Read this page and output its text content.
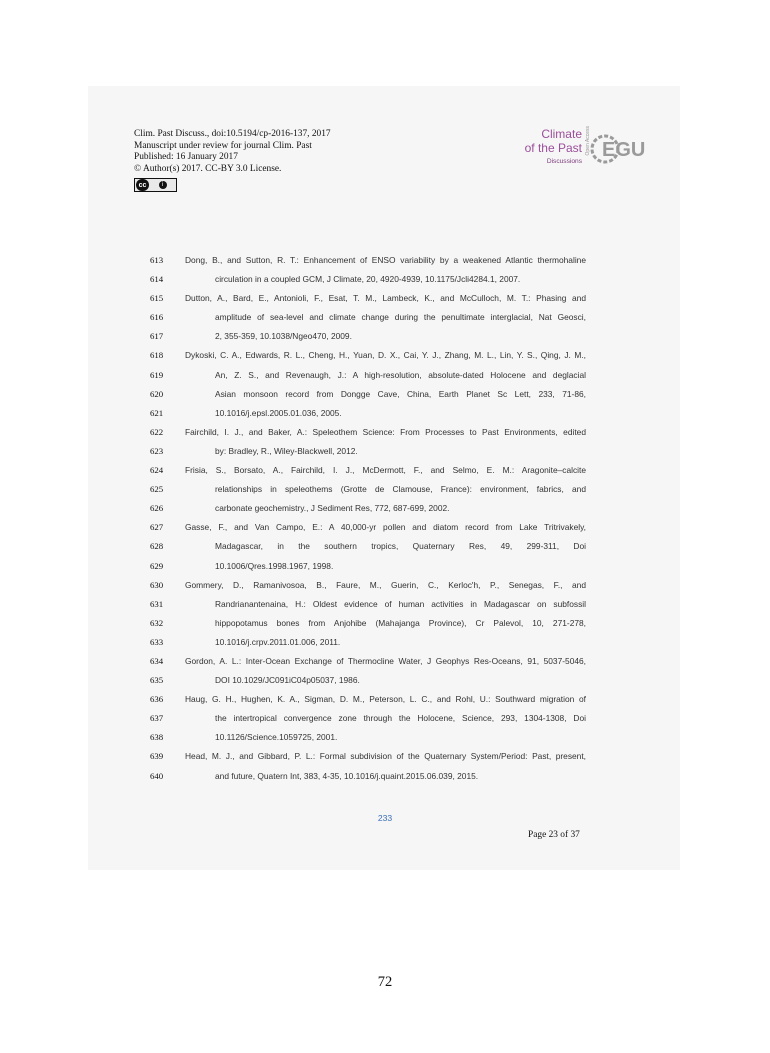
Clim. Past Discuss., doi:10.5194/cp-2016-137, 2017
Manuscript under review for journal Clim. Past
Published: 16 January 2017
© Author(s) 2017. CC-BY 3.0 License.
cc	i
Climate
of the Past
Discussions
Open Access EGU
613	Dong, B., and Sutton, R. T.: Enhancement of ENSO variability by a weakened Atlantic thermohaline
614	circulation in a coupled GCM, J Climate, 20, 4920-4939, 10.1175/Jcli4284.1, 2007.
615	Dutton, A., Bard, E., Antonioli, F., Esat, T. M., Lambeck, K., and McCulloch, M. T.: Phasing and
616	amplitude of sea-level and climate change during the penultimate interglacial, Nat Geosci,
617	2, 355-359, 10.1038/Ngeo470, 2009.
618	Dykoski, C. A., Edwards, R. L., Cheng, H., Yuan, D. X., Cai, Y. J., Zhang, M. L., Lin, Y. S., Qing, J. M.,
619	An, Z. S., and Revenaugh, J.: A high-resolution, absolute-dated Holocene and deglacial
620	Asian monsoon record from Dongge Cave, China, Earth Planet Sc Lett, 233, 71-86,
621	10.1016/j.epsl.2005.01.036, 2005.
622	Fairchild, I. J., and Baker, A.: Speleothem Science: From Processes to Past Environments, edited
623	by: Bradley, R., Wiley-Blackwell, 2012.
624	Frisia, S., Borsato, A., Fairchild, I. J., McDermott, F., and Selmo, E. M.: Aragonite–calcite
625	relationships in speleothems (Grotte de Clamouse, France): environment, fabrics, and
626	carbonate geochemistry., J Sediment Res, 772, 687-699, 2002.
627	Gasse, F., and Van Campo, E.: A 40,000-yr pollen and diatom record from Lake Tritrivakely,
628	Madagascar, in the southern tropics, Quaternary Res, 49, 299-311, Doi
629	10.1006/Qres.1998.1967, 1998.
630	Gommery, D., Ramanivosoa, B., Faure, M., Guerin, C., Kerloc'h, P., Senegas, F., and
631	Randrianantenaina, H.: Oldest evidence of human activities in Madagascar on subfossil
632	hippopotamus bones from Anjohibe (Mahajanga Province), Cr Palevol, 10, 271-278,
633	10.1016/j.crpv.2011.01.006, 2011.
634	Gordon, A. L.: Inter-Ocean Exchange of Thermocline Water, J Geophys Res-Oceans, 91, 5037-5046,
635	DOI 10.1029/JC091iC04p05037, 1986.
636	Haug, G. H., Hughen, K. A., Sigman, D. M., Peterson, L. C., and Rohl, U.: Southward migration of
637	the intertropical convergence zone through the Holocene, Science, 293, 1304-1308, Doi
638	10.1126/Science.1059725, 2001.
639	Head, M. J., and Gibbard, P. L.: Formal subdivision of the Quaternary System/Period: Past, present,
640	and future, Quatern Int, 383, 4-35, 10.1016/j.quaint.2015.06.039, 2015.
233
Page 23 of 37
72
